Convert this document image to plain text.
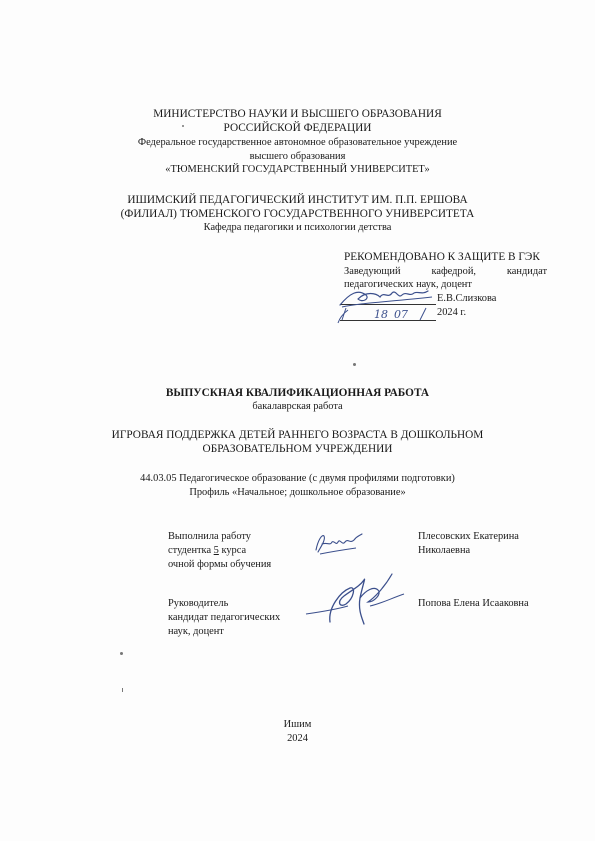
МИНИСТЕРСТВО НАУКИ И ВЫСШЕГО ОБРАЗОВАНИЯ
РОССИЙСКОЙ ФЕДЕРАЦИИ
Федеральное государственное автономное образовательное учреждение
высшего образования
«ТЮМЕНСКИЙ ГОСУДАРСТВЕННЫЙ УНИВЕРСИТЕТ»
ИШИМСКИЙ ПЕДАГОГИЧЕСКИЙ ИНСТИТУТ ИМ. П.П. ЕРШОВА
(ФИЛИАЛ) ТЮМЕНСКОГО ГОСУДАРСТВЕННОГО УНИВЕРСИТЕТА
Кафедра педагогики и психологии детства
РЕКОМЕНДОВАНО К ЗАЩИТЕ В ГЭК
Заведующий	кафедрой,	кандидат
педагогических наук, доцент
Е.В.Слизкова
2024 г.
18 07
ВЫПУСКНАЯ КВАЛИФИКАЦИОННАЯ РАБОТА
бакалаврская работа
ИГРОВАЯ ПОДДЕРЖКА ДЕТЕЙ РАННЕГО ВОЗРАСТА В ДОШКОЛЬНОМ
ОБРАЗОВАТЕЛЬНОМ УЧРЕЖДЕНИИ
44.03.05 Педагогическое образование (с двумя профилями подготовки)
Профиль «Начальное; дошкольное образование»
Выполнила работу
студентка 5 курса
очной формы обучения
Плесовских Екатерина
Николаевна
Руководитель
кандидат педагогических
наук, доцент
Попова Елена Исааковна
Ишим
2024
